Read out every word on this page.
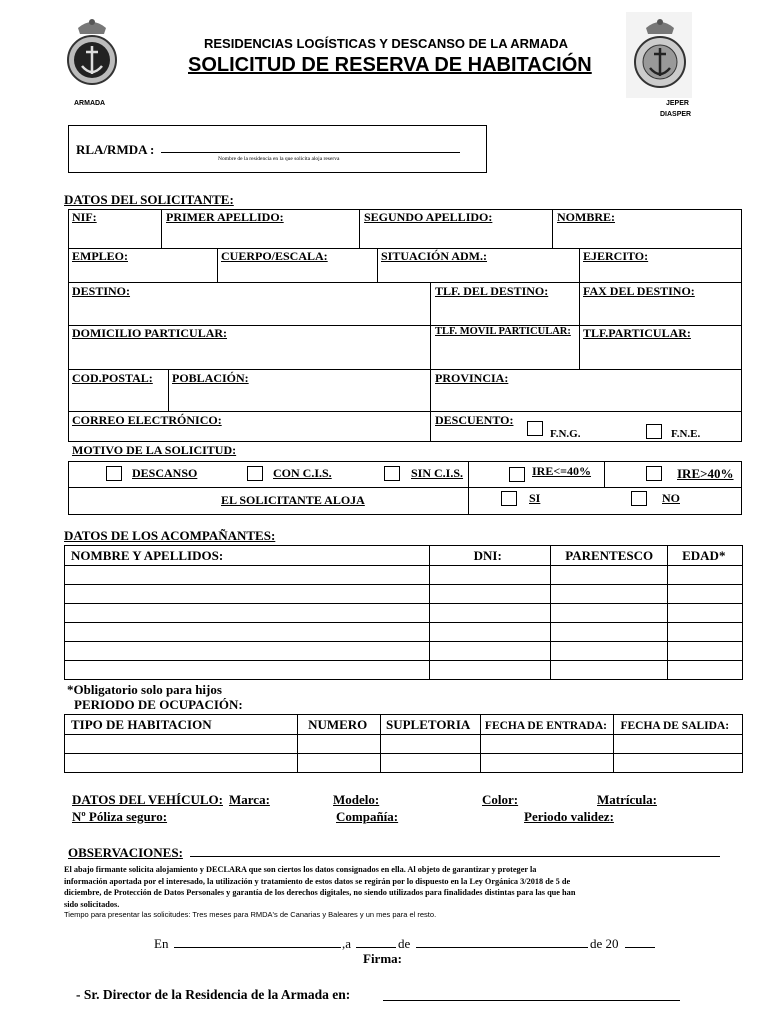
ARMADA
RESIDENCIAS LOGÍSTICAS Y DESCANSO DE LA ARMADA
SOLICITUD DE RESERVA DE HABITACIÓN
JEPER
DIASPER
RLA/RMDA :
Nombre de la residencia en la que solicita aloja reserva
DATOS DEL SOLICITANTE:
NIF:	PRIMER APELLIDO:	SEGUNDO APELLIDO:	NOMBRE:
EMPLEO:	CUERPO/ESCALA:	SITUACIÓN ADM.:	EJERCITO:
DESTINO:	TLF. DEL DESTINO:	FAX DEL DESTINO:
DOMICILIO PARTICULAR:	TLF. MOVIL PARTICULAR: TLF.PARTICULAR:
COD.POSTAL: POBLACIÓN:	PROVINCIA:
CORREO ELECTRÓNICO:	DESCUENTO:
F.N.G.	F.N.E.
MOTIVO DE LA SOLICITUD:
DESCANSO	CON C.I.S.	SIN C.I.S.	IRE<=40%	IRE>40%
EL SOLICITANTE ALOJA	SI	NO
DATOS DE LOS ACOMPAÑANTES:
NOMBRE Y APELLIDOS:	DNI:	PARENTESCO	EDAD*

*Obligatorio solo para hijos
PERIODO DE OCUPACIÓN:
TIPO DE HABITACION	NUMERO	SUPLETORIA	FECHA DE ENTRADA:	FECHA DE SALIDA:

DATOS DEL VEHÍCULO: Marca:	Modelo:	Color:	Matrícula:
Nº Póliza seguro:	Compañía:	Periodo validez:
OBSERVACIONES:
El abajo firmante solicita alojamiento y DECLARA que son ciertos los datos consignados en ella. Al objeto de garantizar y proteger la
información aportada por el interesado, la utilización y tratamiento de estos datos se regirán por lo dispuesto en la Ley Orgánica 3/2018 de 5 de
diciembre, de Protección de Datos Personales y garantía de los derechos digitales, no siendo utilizados para finalidades distintas para las que han
sido solicitados.
Tiempo para presentar las solicitudes: Tres meses para RMDA's de Canarias y Baleares y un mes para el resto.
En	,a	de	de 20
Firma:
- Sr. Director de la Residencia de la Armada en:
